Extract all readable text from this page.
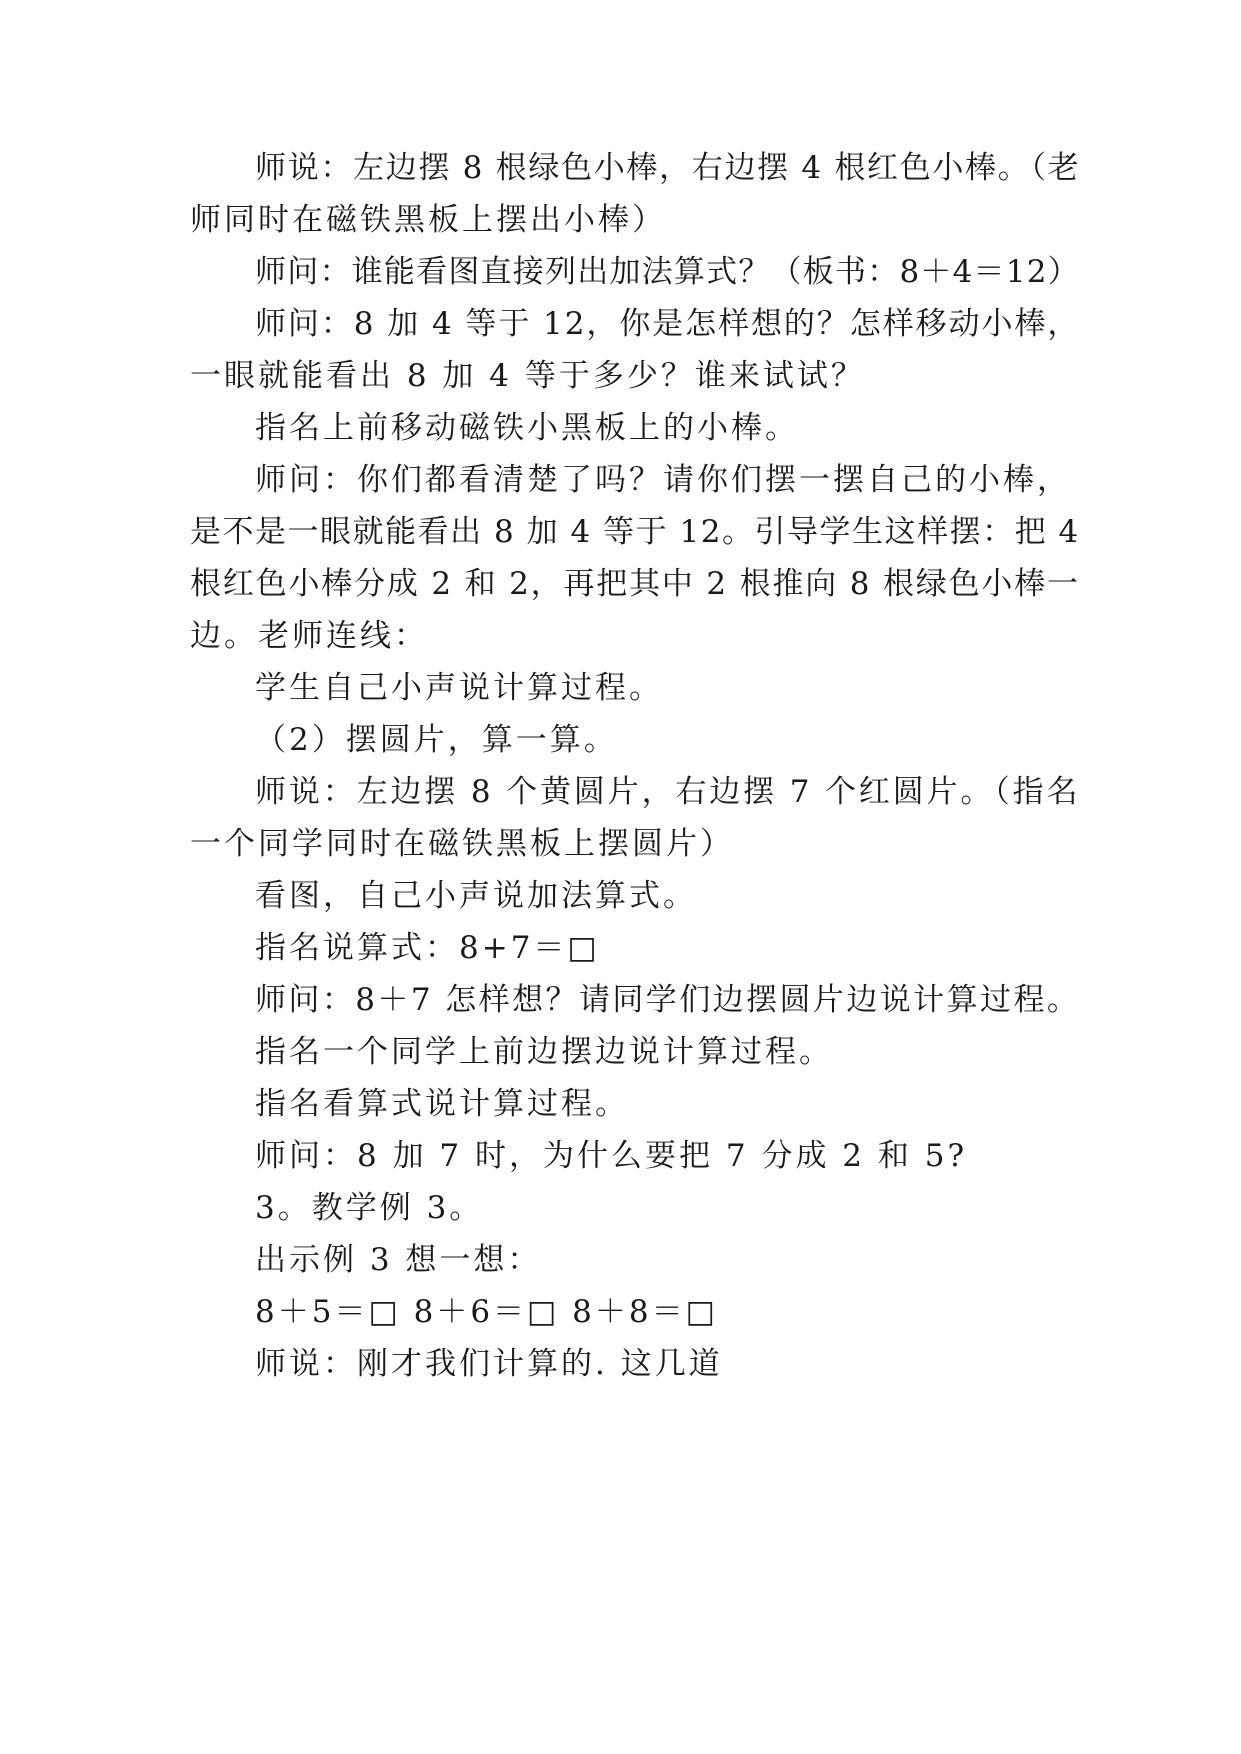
师说：左边摆 8 根绿色小棒，右边摆 4 根红色小棒。（老

师同时在磁铁黑板上摆出小棒）

师问：谁能看图直接列出加法算式？（板书：8＋4＝12）

师问：8 加 4 等于 12，你是怎样想的？怎样移动小棒，

一眼就能看出 8 加 4 等于多少？谁来试试？

指名上前移动磁铁小黑板上的小棒。

师问：你们都看清楚了吗？请你们摆一摆自己的小棒，

是不是一眼就能看出 8 加 4 等于 12。引导学生这样摆：把 4

根红色小棒分成 2 和 2，再把其中 2 根推向 8 根绿色小棒一

边。老师连线：

学生自己小声说计算过程。

（2）摆圆片，算一算。

师说：左边摆 8 个黄圆片，右边摆 7 个红圆片。（指名

一个同学同时在磁铁黑板上摆圆片）

看图，自己小声说加法算式。

指名说算式：8+7＝□

师问：8＋7 怎样想？请同学们边摆圆片边说计算过程。

指名一个同学上前边摆边说计算过程。

指名看算式说计算过程。

师问：8 加 7 时，为什么要把 7 分成 2 和 5?

3。教学例 3。

出示例 3 想一想：

8＋5＝□ 8＋6＝□ 8＋8＝□

师说：刚才我们计算的. 这几道
